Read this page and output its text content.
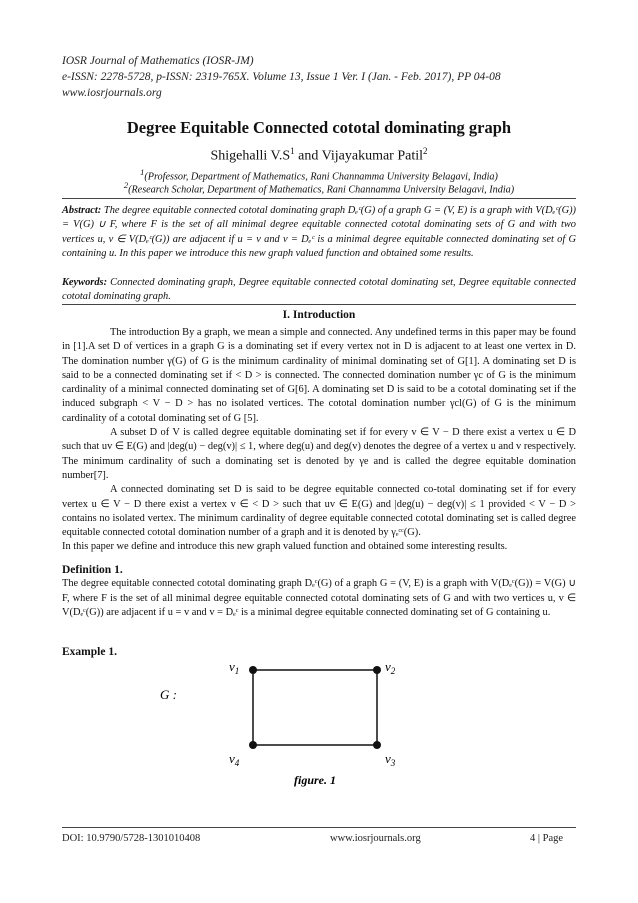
IOSR Journal of Mathematics (IOSR-JM)
e-ISSN: 2278-5728, p-ISSN: 2319-765X. Volume 13, Issue 1 Ver. I (Jan. - Feb. 2017), PP 04-08
www.iosrjournals.org
Degree Equitable Connected cototal dominating graph
Shigehalli $V.S^1$ and Vijayakumar Patil$^2$
$^1$(Professor, Department of Mathematics, Rani Channamma University Belagavi, India)
$^2$(Research Scholar, Department of Mathematics, Rani Channamma University Belagavi, India)
Abstract: The degree equitable connected cototal dominating graph Dₑᶜ(G) of a graph G = (V, E) is a graph with V(Dₑᶜ(G)) = V(G) ∪ F, where F is the set of all minimal degree equitable connected cototal dominating sets of G and with two vertices u, v ∈ V(Dₑᶜ(G)) are adjacent if u = v and v = Dₑᶜ is a minimal degree equitable connected dominating set of G containing u. In this paper we introduce this new graph valued function and obtained some results.
Keywords: Connected dominating graph, Degree equitable connected cototal dominating set, Degree equitable connected cototal dominating graph.
I. Introduction

The introduction By a graph, we mean a simple and connected. Any undefined terms in this paper may be found in [1].A set D of vertices in a graph G is a dominating set if every vertex not in D is adjacent to at least one vertex in D. The domination number γ(G) of G is the minimum cardinality of minimal dominating set of G[1]. A dominating set D is said to be a connected dominating set if < D > is connected. The connected domination number γc of G is the minimum cardinality of a minimal connected dominating set of G[6]. A dominating set D is said to be a cototal dominating set if the induced subgraph < V − D > has no isolated vertices. The cototal domination number γcl(G) of G is the minimum cardinality of a cototal dominating set of G [5].

A subset D of V is called degree equitable dominating set if for every v ∈ V − D there exist a vertex u ∈ D such that uv ∈ E(G) and |deg(u) − deg(v)| ≤ 1, where deg(u) and deg(v) denotes the degree of a vertex u and v respectively. The minimum cardinality of such a dominating set is denoted by γe and is called the degree equitable domination number[7].

A connected dominating set D is said to be degree equitable connected co-total dominating set if for every vertex u ∈ V − D there exist a vertex v ∈ < D > such that uv ∈ E(G) and |deg(u) − deg(v)| ≤ 1 provided < V − D > contains no isolated vertex. The minimum cardinality of degree equitable connected cototal dominating set is called degree equitable connected cototal domination number of a graph and it is denoted by γₑᶜᶜ(G).

In this paper we define and introduce this new graph valued function and obtained some interesting results.

Definition 1.

The degree equitable connected cototal dominating graph Dₑᶜ(G) of a graph G = (V, E) is a graph with V(Dₑᶜ(G)) = V(G) ∪ F, where F is the set of all minimal degree equitable connected cototal dominating sets of G and with two vertices u, v ∈ V(Dₑᶜ(G)) are adjacent if u = v and v = Dₑᶜ is a minimal degree equitable connected dominating set of G containing u.

Example 1.
G :
$v_1$	$v_2$
$v_3$
$v_4$
figure. 1
DOI: 10.9790/5728-1301010408	www.iosrjournals.org	4 | Page
